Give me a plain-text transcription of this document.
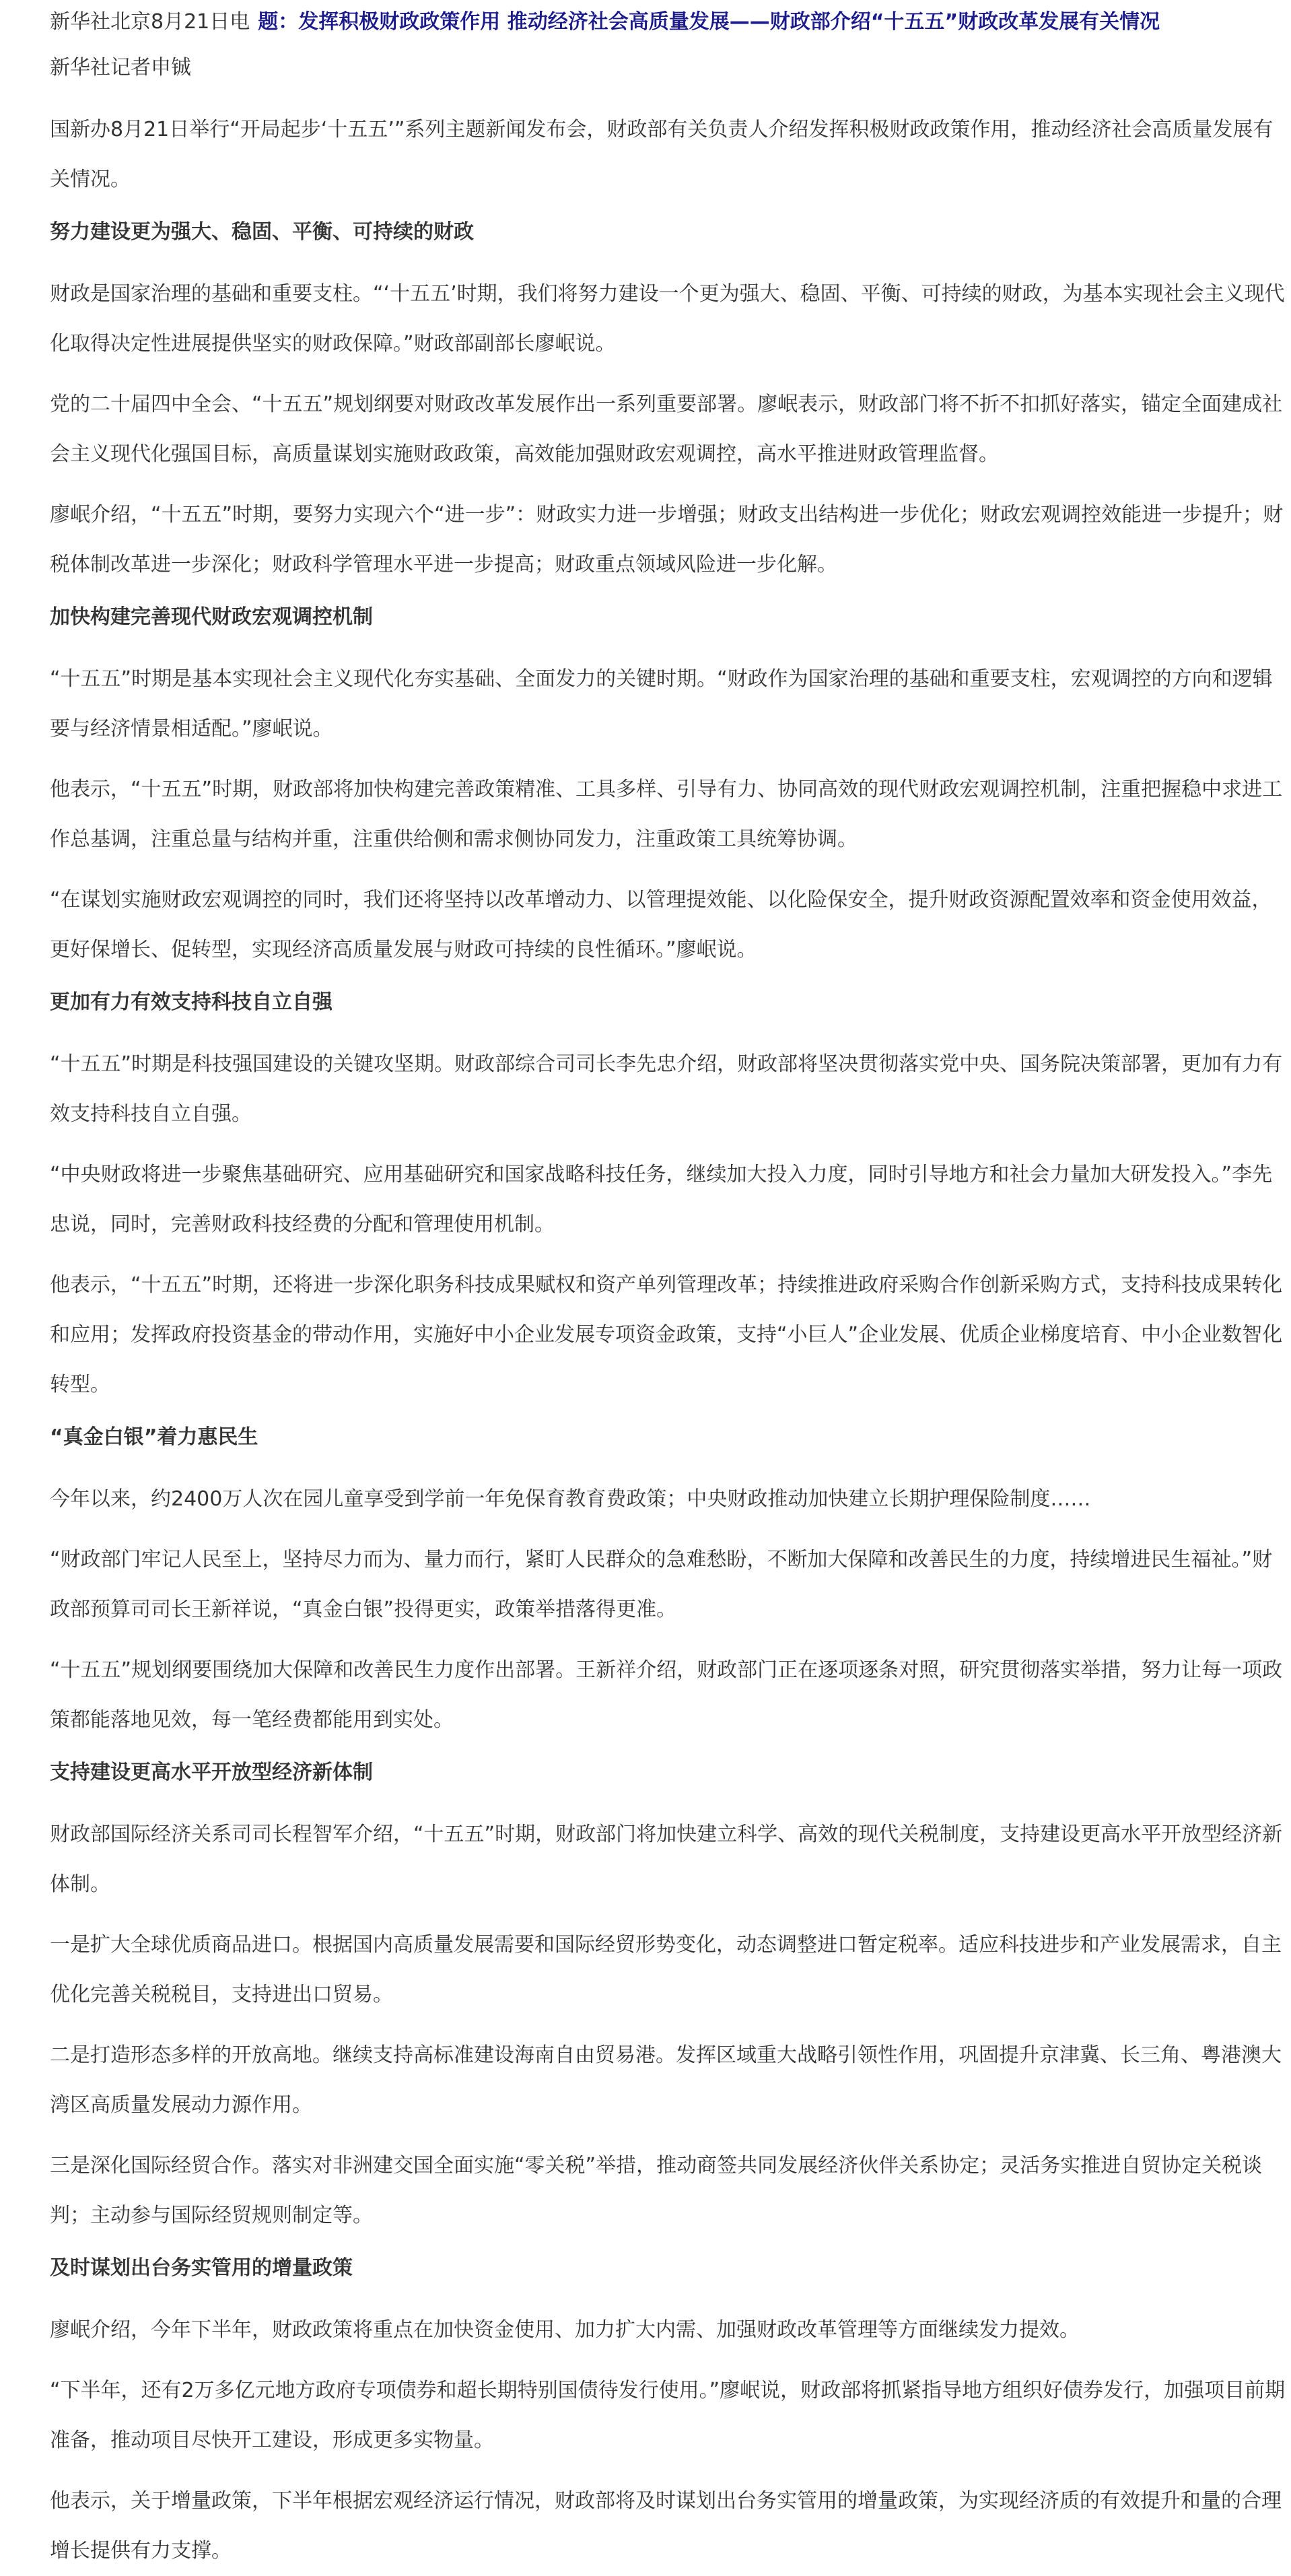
新华社北京8月21日电 题：发挥积极财政政策作用 推动经济社会高质量发展——财政部介绍“十五五”财政改革发展有关情况
新华社记者申铖

国新办8月21日举行“开局起步‘十五五’”系列主题新闻发布会，财政部有关负责人介绍发挥积极财政政策作用，推动经济社会高质量发展有关情况。

努力建设更为强大、稳固、平衡、可持续的财政

财政是国家治理的基础和重要支柱。“‘十五五’时期，我们将努力建设一个更为强大、稳固、平衡、可持续的财政，为基本实现社会主义现代化取得决定性进展提供坚实的财政保障。”财政部副部长廖岷说。

党的二十届四中全会、“十五五”规划纲要对财政改革发展作出一系列重要部署。廖岷表示，财政部门将不折不扣抓好落实，锚定全面建成社会主义现代化强国目标，高质量谋划实施财政政策，高效能加强财政宏观调控，高水平推进财政管理监督。

廖岷介绍，“十五五”时期，要努力实现六个“进一步”：财政实力进一步增强；财政支出结构进一步优化；财政宏观调控效能进一步提升；财税体制改革进一步深化；财政科学管理水平进一步提高；财政重点领域风险进一步化解。

加快构建完善现代财政宏观调控机制

“十五五”时期是基本实现社会主义现代化夯实基础、全面发力的关键时期。“财政作为国家治理的基础和重要支柱，宏观调控的方向和逻辑要与经济情景相适配。”廖岷说。

他表示，“十五五”时期，财政部将加快构建完善政策精准、工具多样、引导有力、协同高效的现代财政宏观调控机制，注重把握稳中求进工作总基调，注重总量与结构并重，注重供给侧和需求侧协同发力，注重政策工具统筹协调。

“在谋划实施财政宏观调控的同时，我们还将坚持以改革增动力、以管理提效能、以化险保安全，提升财政资源配置效率和资金使用效益，更好保增长、促转型，实现经济高质量发展与财政可持续的良性循环。”廖岷说。

更加有力有效支持科技自立自强

“十五五”时期是科技强国建设的关键攻坚期。财政部综合司司长李先忠介绍，财政部将坚决贯彻落实党中央、国务院决策部署，更加有力有效支持科技自立自强。

“中央财政将进一步聚焦基础研究、应用基础研究和国家战略科技任务，继续加大投入力度，同时引导地方和社会力量加大研发投入。”李先忠说，同时，完善财政科技经费的分配和管理使用机制。

他表示，“十五五”时期，还将进一步深化职务科技成果赋权和资产单列管理改革；持续推进政府采购合作创新采购方式，支持科技成果转化和应用；发挥政府投资基金的带动作用，实施好中小企业发展专项资金政策，支持“小巨人”企业发展、优质企业梯度培育、中小企业数智化转型。

“真金白银”着力惠民生

今年以来，约2400万人次在园儿童享受到学前一年免保育教育费政策；中央财政推动加快建立长期护理保险制度……

“财政部门牢记人民至上，坚持尽力而为、量力而行，紧盯人民群众的急难愁盼，不断加大保障和改善民生的力度，持续增进民生福祉。”财政部预算司司长王新祥说，“真金白银”投得更实，政策举措落得更准。

“十五五”规划纲要围绕加大保障和改善民生力度作出部署。王新祥介绍，财政部门正在逐项逐条对照，研究贯彻落实举措，努力让每一项政策都能落地见效，每一笔经费都能用到实处。

支持建设更高水平开放型经济新体制

财政部国际经济关系司司长程智军介绍，“十五五”时期，财政部门将加快建立科学、高效的现代关税制度，支持建设更高水平开放型经济新体制。

一是扩大全球优质商品进口。根据国内高质量发展需要和国际经贸形势变化，动态调整进口暂定税率。适应科技进步和产业发展需求，自主优化完善关税税目，支持进出口贸易。

二是打造形态多样的开放高地。继续支持高标准建设海南自由贸易港。发挥区域重大战略引领性作用，巩固提升京津冀、长三角、粤港澳大湾区高质量发展动力源作用。

三是深化国际经贸合作。落实对非洲建交国全面实施“零关税”举措，推动商签共同发展经济伙伴关系协定；灵活务实推进自贸协定关税谈判；主动参与国际经贸规则制定等。

及时谋划出台务实管用的增量政策

廖岷介绍，今年下半年，财政政策将重点在加快资金使用、加力扩大内需、加强财政改革管理等方面继续发力提效。

“下半年，还有2万多亿元地方政府专项债券和超长期特别国债待发行使用。”廖岷说，财政部将抓紧指导地方组织好债券发行，加强项目前期准备，推动项目尽快开工建设，形成更多实物量。

他表示，关于增量政策，下半年根据宏观经济运行情况，财政部将及时谋划出台务实管用的增量政策，为实现经济质的有效提升和量的合理增长提供有力支撑。
